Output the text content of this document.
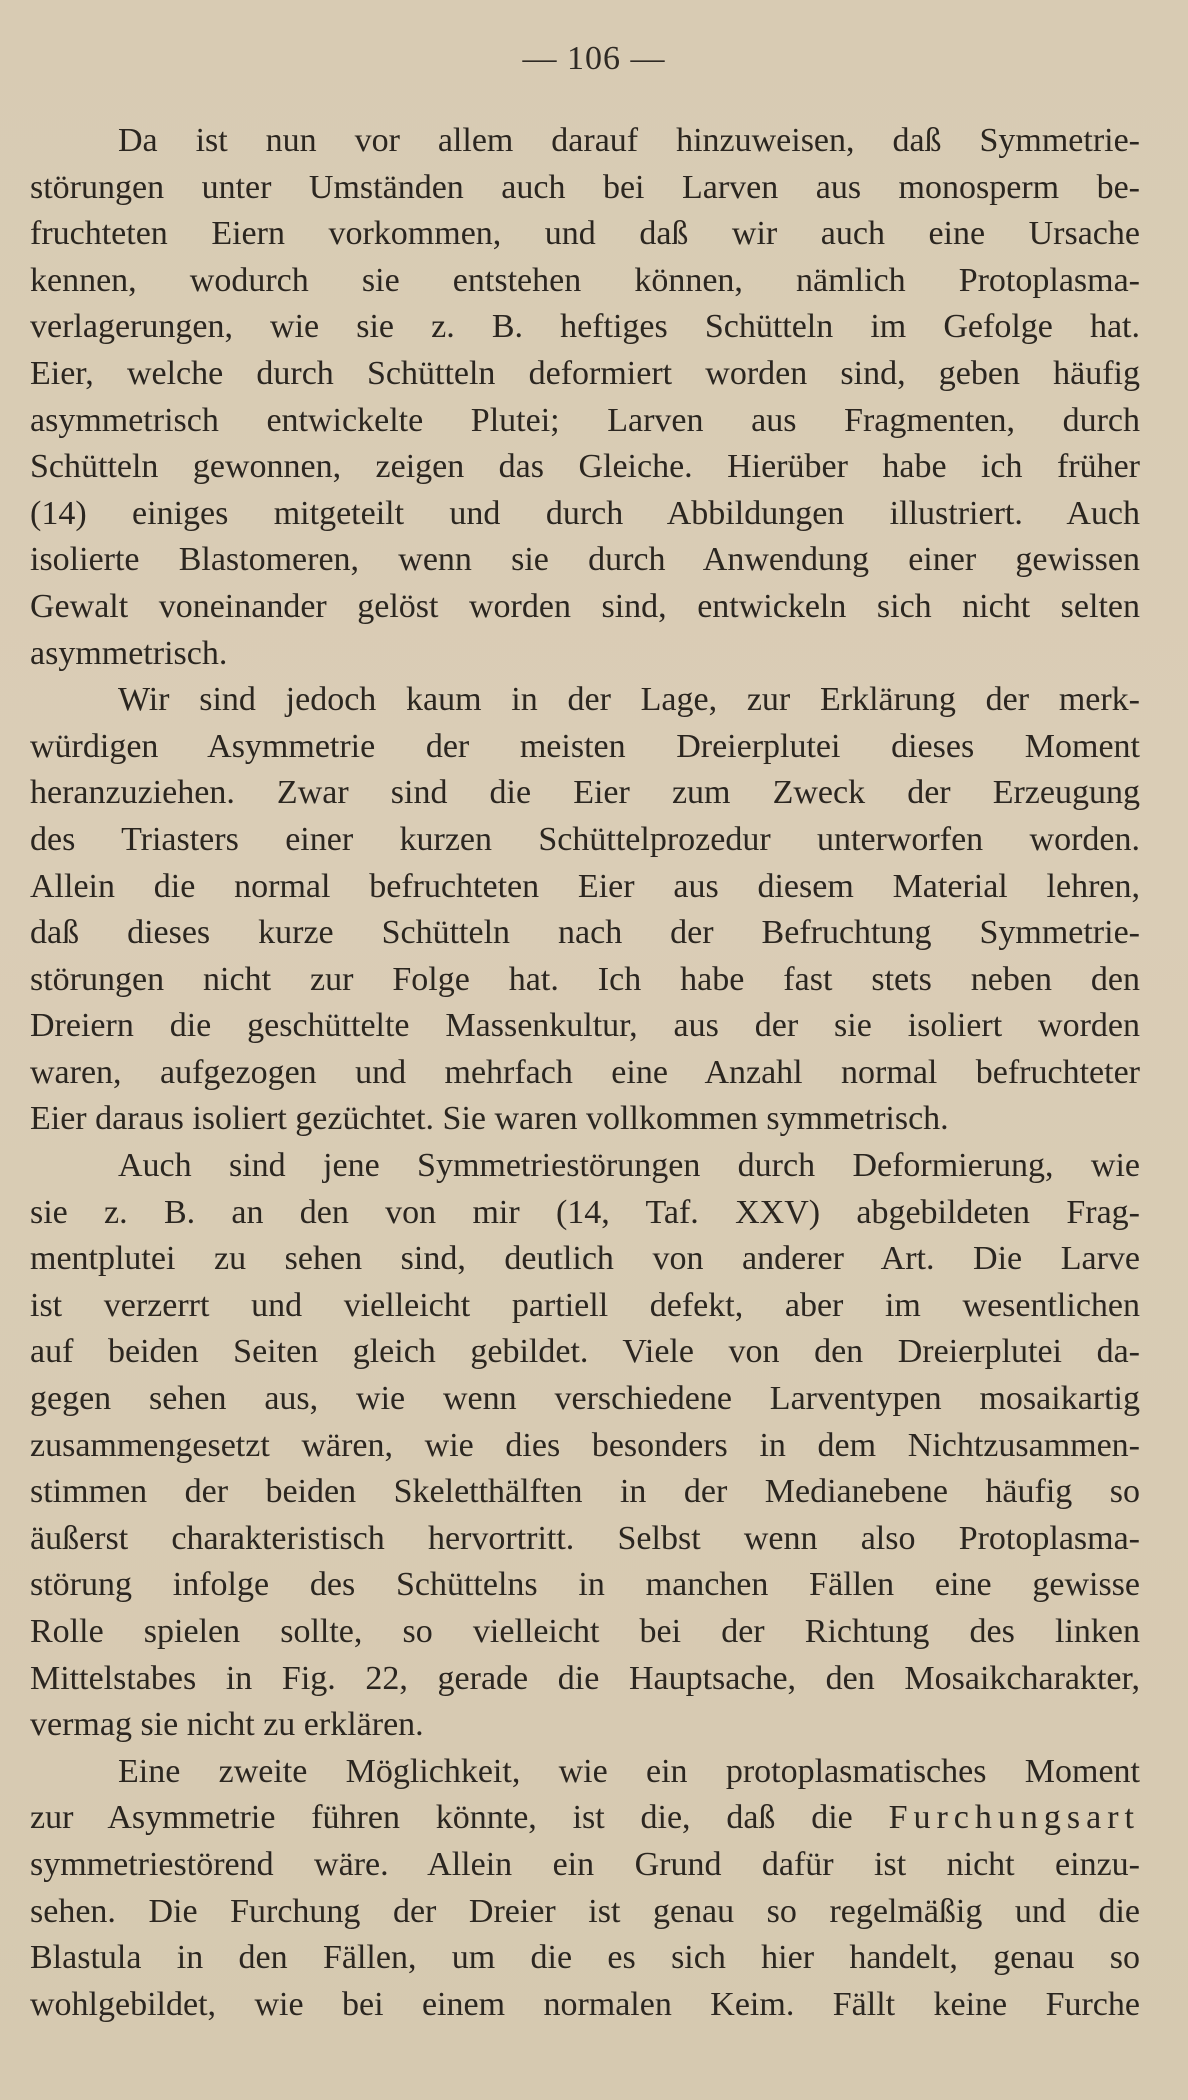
— 106 —
Da ist nun vor allem darauf hinzuweisen, daß Symmetrie-
störungen unter Umständen auch bei Larven aus monosperm be-
fruchteten Eiern vorkommen, und daß wir auch eine Ursache
kennen, wodurch sie entstehen können, nämlich Protoplasma-
verlagerungen, wie sie z. B. heftiges Schütteln im Gefolge hat.
Eier, welche durch Schütteln deformiert worden sind, geben häufig
asymmetrisch entwickelte Plutei; Larven aus Fragmenten, durch
Schütteln gewonnen, zeigen das Gleiche. Hierüber habe ich früher
(14) einiges mitgeteilt und durch Abbildungen illustriert. Auch
isolierte Blastomeren, wenn sie durch Anwendung einer gewissen
Gewalt voneinander gelöst worden sind, entwickeln sich nicht selten
asymmetrisch.
Wir sind jedoch kaum in der Lage, zur Erklärung der merk-
würdigen Asymmetrie der meisten Dreierplutei dieses Moment
heranzuziehen. Zwar sind die Eier zum Zweck der Erzeugung
des Triasters einer kurzen Schüttelprozedur unterworfen worden.
Allein die normal befruchteten Eier aus diesem Material lehren,
daß dieses kurze Schütteln nach der Befruchtung Symmetrie-
störungen nicht zur Folge hat. Ich habe fast stets neben den
Dreiern die geschüttelte Massenkultur, aus der sie isoliert worden
waren, aufgezogen und mehrfach eine Anzahl normal befruchteter
Eier daraus isoliert gezüchtet. Sie waren vollkommen symmetrisch.
Auch sind jene Symmetriestörungen durch Deformierung, wie
sie z. B. an den von mir (14, Taf. XXV) abgebildeten Frag-
mentplutei zu sehen sind, deutlich von anderer Art. Die Larve
ist verzerrt und vielleicht partiell defekt, aber im wesentlichen
auf beiden Seiten gleich gebildet. Viele von den Dreierplutei da-
gegen sehen aus, wie wenn verschiedene Larventypen mosaikartig
zusammengesetzt wären, wie dies besonders in dem Nichtzusammen-
stimmen der beiden Skeletthälften in der Medianebene häufig so
äußerst charakteristisch hervortritt. Selbst wenn also Protoplasma-
störung infolge des Schüttelns in manchen Fällen eine gewisse
Rolle spielen sollte, so vielleicht bei der Richtung des linken
Mittelstabes in Fig. 22, gerade die Hauptsache, den Mosaikcharakter,
vermag sie nicht zu erklären.
Eine zweite Möglichkeit, wie ein protoplasmatisches Moment
zur Asymmetrie führen könnte, ist die, daß die Furchungsart
symmetriestörend wäre. Allein ein Grund dafür ist nicht einzu-
sehen. Die Furchung der Dreier ist genau so regelmäßig und die
Blastula in den Fällen, um die es sich hier handelt, genau so
wohlgebildet, wie bei einem normalen Keim. Fällt keine Furche
